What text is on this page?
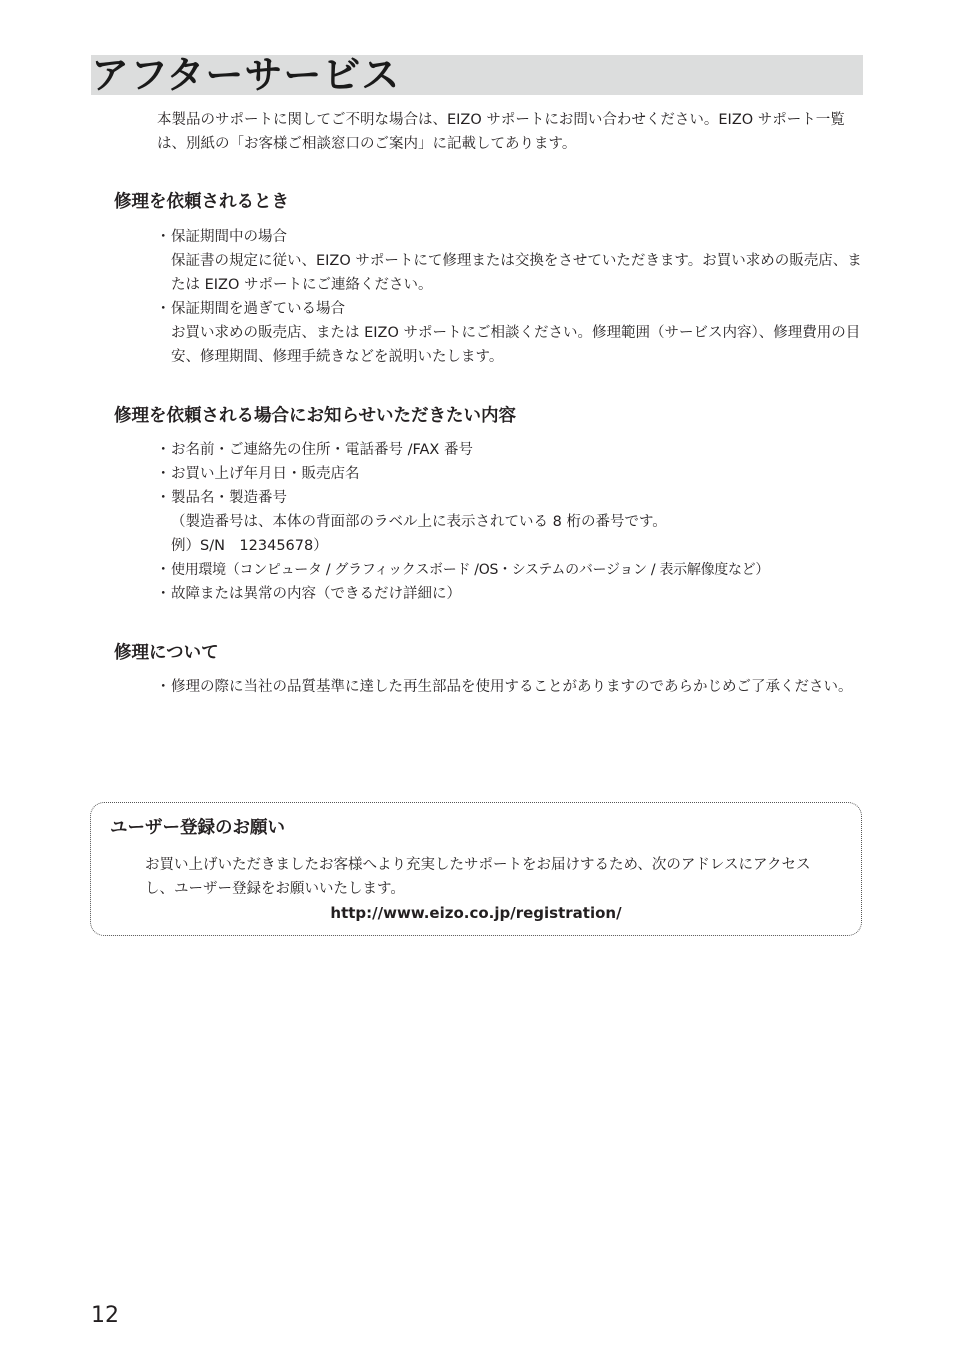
アフターサービス

本製品のサポートに関してご不明な場合は、EIZO サポートにお問い合わせください。EIZO サポート一覧は、別紙の「お客様ご相談窓口のご案内」に記載してあります。

修理を依頼されるとき
・ 保証期間中の場合
保証書の規定に従い、EIZO サポートにて修理または交換をさせていただきます。お買い求めの販売店、または EIZO サポートにご連絡ください。
・ 保証期間を過ぎている場合
お買い求めの販売店、または EIZO サポートにご相談ください。修理範囲（サービス内容）、修理費用の目安、修理期間、修理手続きなどを説明いたします。
修理を依頼される場合にお知らせいただきたい内容
・ お名前・ご連絡先の住所・電話番号 /FAX 番号
・ お買い上げ年月日・販売店名
・ 製品名・製造番号
（製造番号は、本体の背面部のラベル上に表示されている 8 桁の番号です。
例）S/N　12345678）
・ 使用環境（コンピュータ / グラフィックスボード /OS・システムのバージョン / 表示解像度など）
・ 故障または異常の内容（できるだけ詳細に）
修理について
・ 修理の際に当社の品質基準に達した再生部品を使用することがありますのであらかじめご了承ください。
ユーザー登録のお願い

お買い上げいただきましたお客様へより充実したサポートをお届けするため、次のアドレスにアクセスし、ユーザー登録をお願いいたします。

http://www.eizo.co.jp/registration/
12
